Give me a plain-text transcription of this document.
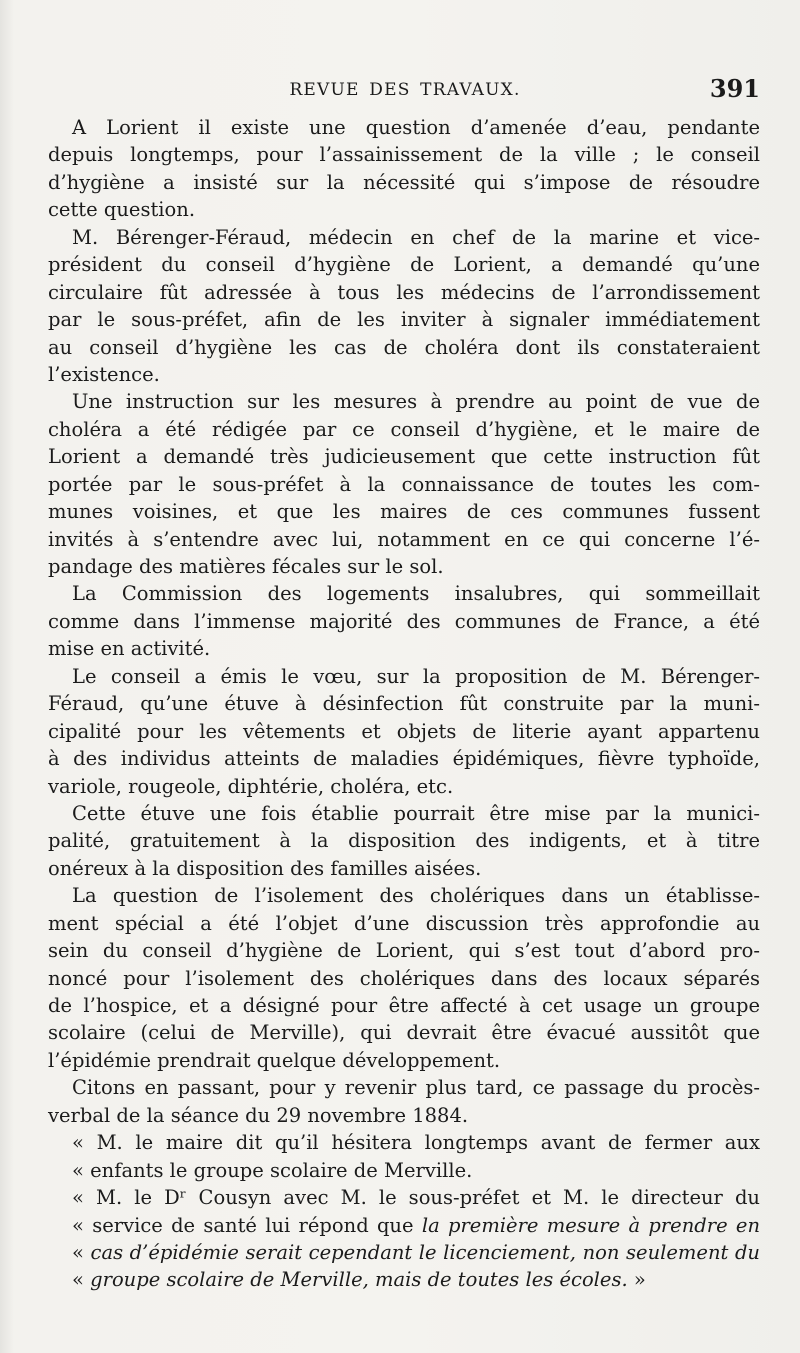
REVUE DES TRAVAUX.	391
A Lorient il existe une question d’amenée d’eau, pendante
depuis longtemps, pour l’assainissement de la ville ; le conseil
d’hygiène a insisté sur la nécessité qui s’impose de résoudre
cette question.
M. Bérenger-Féraud, médecin en chef de la marine et vice-
président du conseil d’hygiène de Lorient, a demandé qu’une
circulaire fût adressée à tous les médecins de l’arrondissement
par le sous-préfet, afin de les inviter à signaler immédiatement
au conseil d’hygiène les cas de choléra dont ils constateraient
l’existence.
Une instruction sur les mesures à prendre au point de vue de
choléra a été rédigée par ce conseil d’hygiène, et le maire de
Lorient a demandé très judicieusement que cette instruction fût
portée par le sous-préfet à la connaissance de toutes les com-
munes voisines, et que les maires de ces communes fussent
invités à s’entendre avec lui, notamment en ce qui concerne l’é-
pandage des matières fécales sur le sol.
La Commission des logements insalubres, qui sommeillait
comme dans l’immense majorité des communes de France, a été
mise en activité.
Le conseil a émis le vœu, sur la proposition de M. Bérenger-
Féraud, qu’une étuve à désinfection fût construite par la muni-
cipalité pour les vêtements et objets de literie ayant appartenu
à des individus atteints de maladies épidémiques, fièvre typhoïde,
variole, rougeole, diphtérie, choléra, etc.
Cette étuve une fois établie pourrait être mise par la munici-
palité, gratuitement à la disposition des indigents, et à titre
onéreux à la disposition des familles aisées.
La question de l’isolement des cholériques dans un établisse-
ment spécial a été l’objet d’une discussion très approfondie au
sein du conseil d’hygiène de Lorient, qui s’est tout d’abord pro-
noncé pour l’isolement des cholériques dans des locaux séparés
de l’hospice, et a désigné pour être affecté à cet usage un groupe
scolaire (celui de Merville), qui devrait être évacué aussitôt que
l’épidémie prendrait quelque développement.
Citons en passant, pour y revenir plus tard, ce passage du procès-
verbal de la séance du 29 novembre 1884.
« M. le maire dit qu’il hésitera longtemps avant de fermer aux
« enfants le groupe scolaire de Merville.
« M. le Dʳ Cousyn avec M. le sous-préfet et M. le directeur du
« service de santé lui répond que la première mesure à prendre en
« cas d’épidémie serait cependant le licenciement, non seulement du
« groupe scolaire de Merville, mais de toutes les écoles. »
